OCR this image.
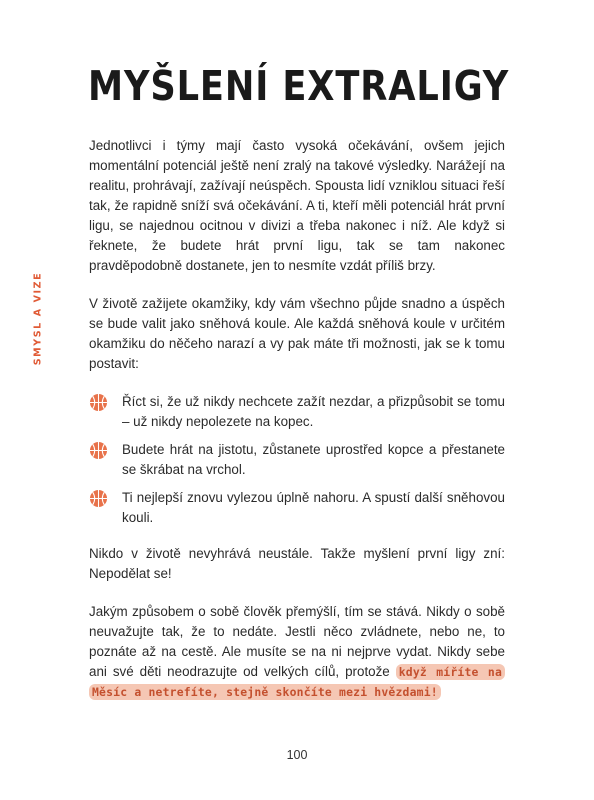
MYŠLENÍ EXTRALIGY
SMYSL A VIZE

Jednotlivci i týmy mají často vysoká očekávání, ovšem jejich momentální potenciál ještě není zralý na takové výsledky. Narážejí na realitu, prohrávají, zažívají neúspěch. Spousta lidí vzniklou situaci řeší tak, že rapidně sníží svá očekávání. A ti, kteří měli potenciál hrát první ligu, se najednou ocitnou v divizi a třeba nakonec i níž. Ale když si řeknete, že budete hrát první ligu, tak se tam nakonec pravděpodobně dostanete, jen to nesmíte vzdát příliš brzy.

V životě zažijete okamžiky, kdy vám všechno půjde snadno a úspěch se bude valit jako sněhová koule. Ale každá sněhová koule v určitém okamžiku do něčeho narazí a vy pak máte tři možnosti, jak se k tomu postavit:

Říct si, že už nikdy nechcete zažít nezdar, a přizpůsobit se tomu – už nikdy nepolezete na kopec.
Budete hrát na jistotu, zůstanete uprostřed kopce a přestanete se škrábat na vrchol.
Ti nejlepší znovu vylezou úplně nahoru. A spustí další sněhovou kouli.

Nikdo v životě nevyhrává neustále. Takže myšlení první ligy zní: Nepodělat se!

Jakým způsobem o sobě člověk přemýšlí, tím se stává. Nikdy o sobě neuvažujte tak, že to nedáte. Jestli něco zvládnete, nebo ne, to poznáte až na cestě. Ale musíte se na ni nejprve vydat. Nikdy sebe ani své děti neodrazujte od velkých cílů, protože když míříte na Měsíc a netrefíte, stejně skončíte mezi hvězdami!

100
